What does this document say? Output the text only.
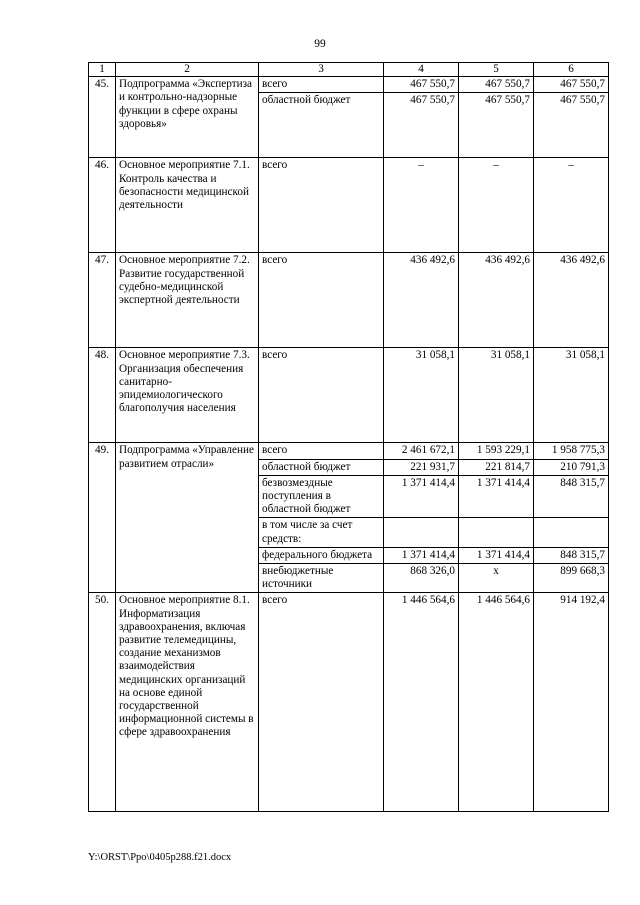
99
1	2	3	4	5	6
45.	Подпрограмма «Экспертиза и контрольно-надзорные функции в сфере охраны здоровья»	всего	467 550,7	467 550,7	467 550,7
		областной бюджет	467 550,7	467 550,7	467 550,7
46.	Основное мероприятие 7.1. Контроль качества и безопасности медицинской деятельности	всего	–	–	–
47.	Основное мероприятие 7.2. Развитие государственной судебно-медицинской экспертной деятельности	всего	436 492,6	436 492,6	436 492,6
48.	Основное мероприятие 7.3. Организация обеспечения санитарно-эпидемиологического благополучия населения	всего	31 058,1	31 058,1	31 058,1
49.	Подпрограмма «Управление развитием отрасли»	всего	2 461 672,1	1 593 229,1	1 958 775,3
		областной бюджет	221 931,7	221 814,7	210 791,3
		безвозмездные поступления в областной бюджет	1 371 414,4	1 371 414,4	848 315,7
		в том числе за счет средств:			
		федерального бюджета	1 371 414,4	1 371 414,4	848 315,7
		внебюджетные источники	868 326,0	x	899 668,3
50.	Основное мероприятие 8.1. Информатизация здравоохранения, включая развитие телемедицины, создание механизмов взаимодействия медицинских организаций на основе единой государственной информационной системы в сфере здравоохранения	всего	1 446 564,6	1 446 564,6	914 192,4
Y:\ORST\Ppo\0405p288.f21.docx
